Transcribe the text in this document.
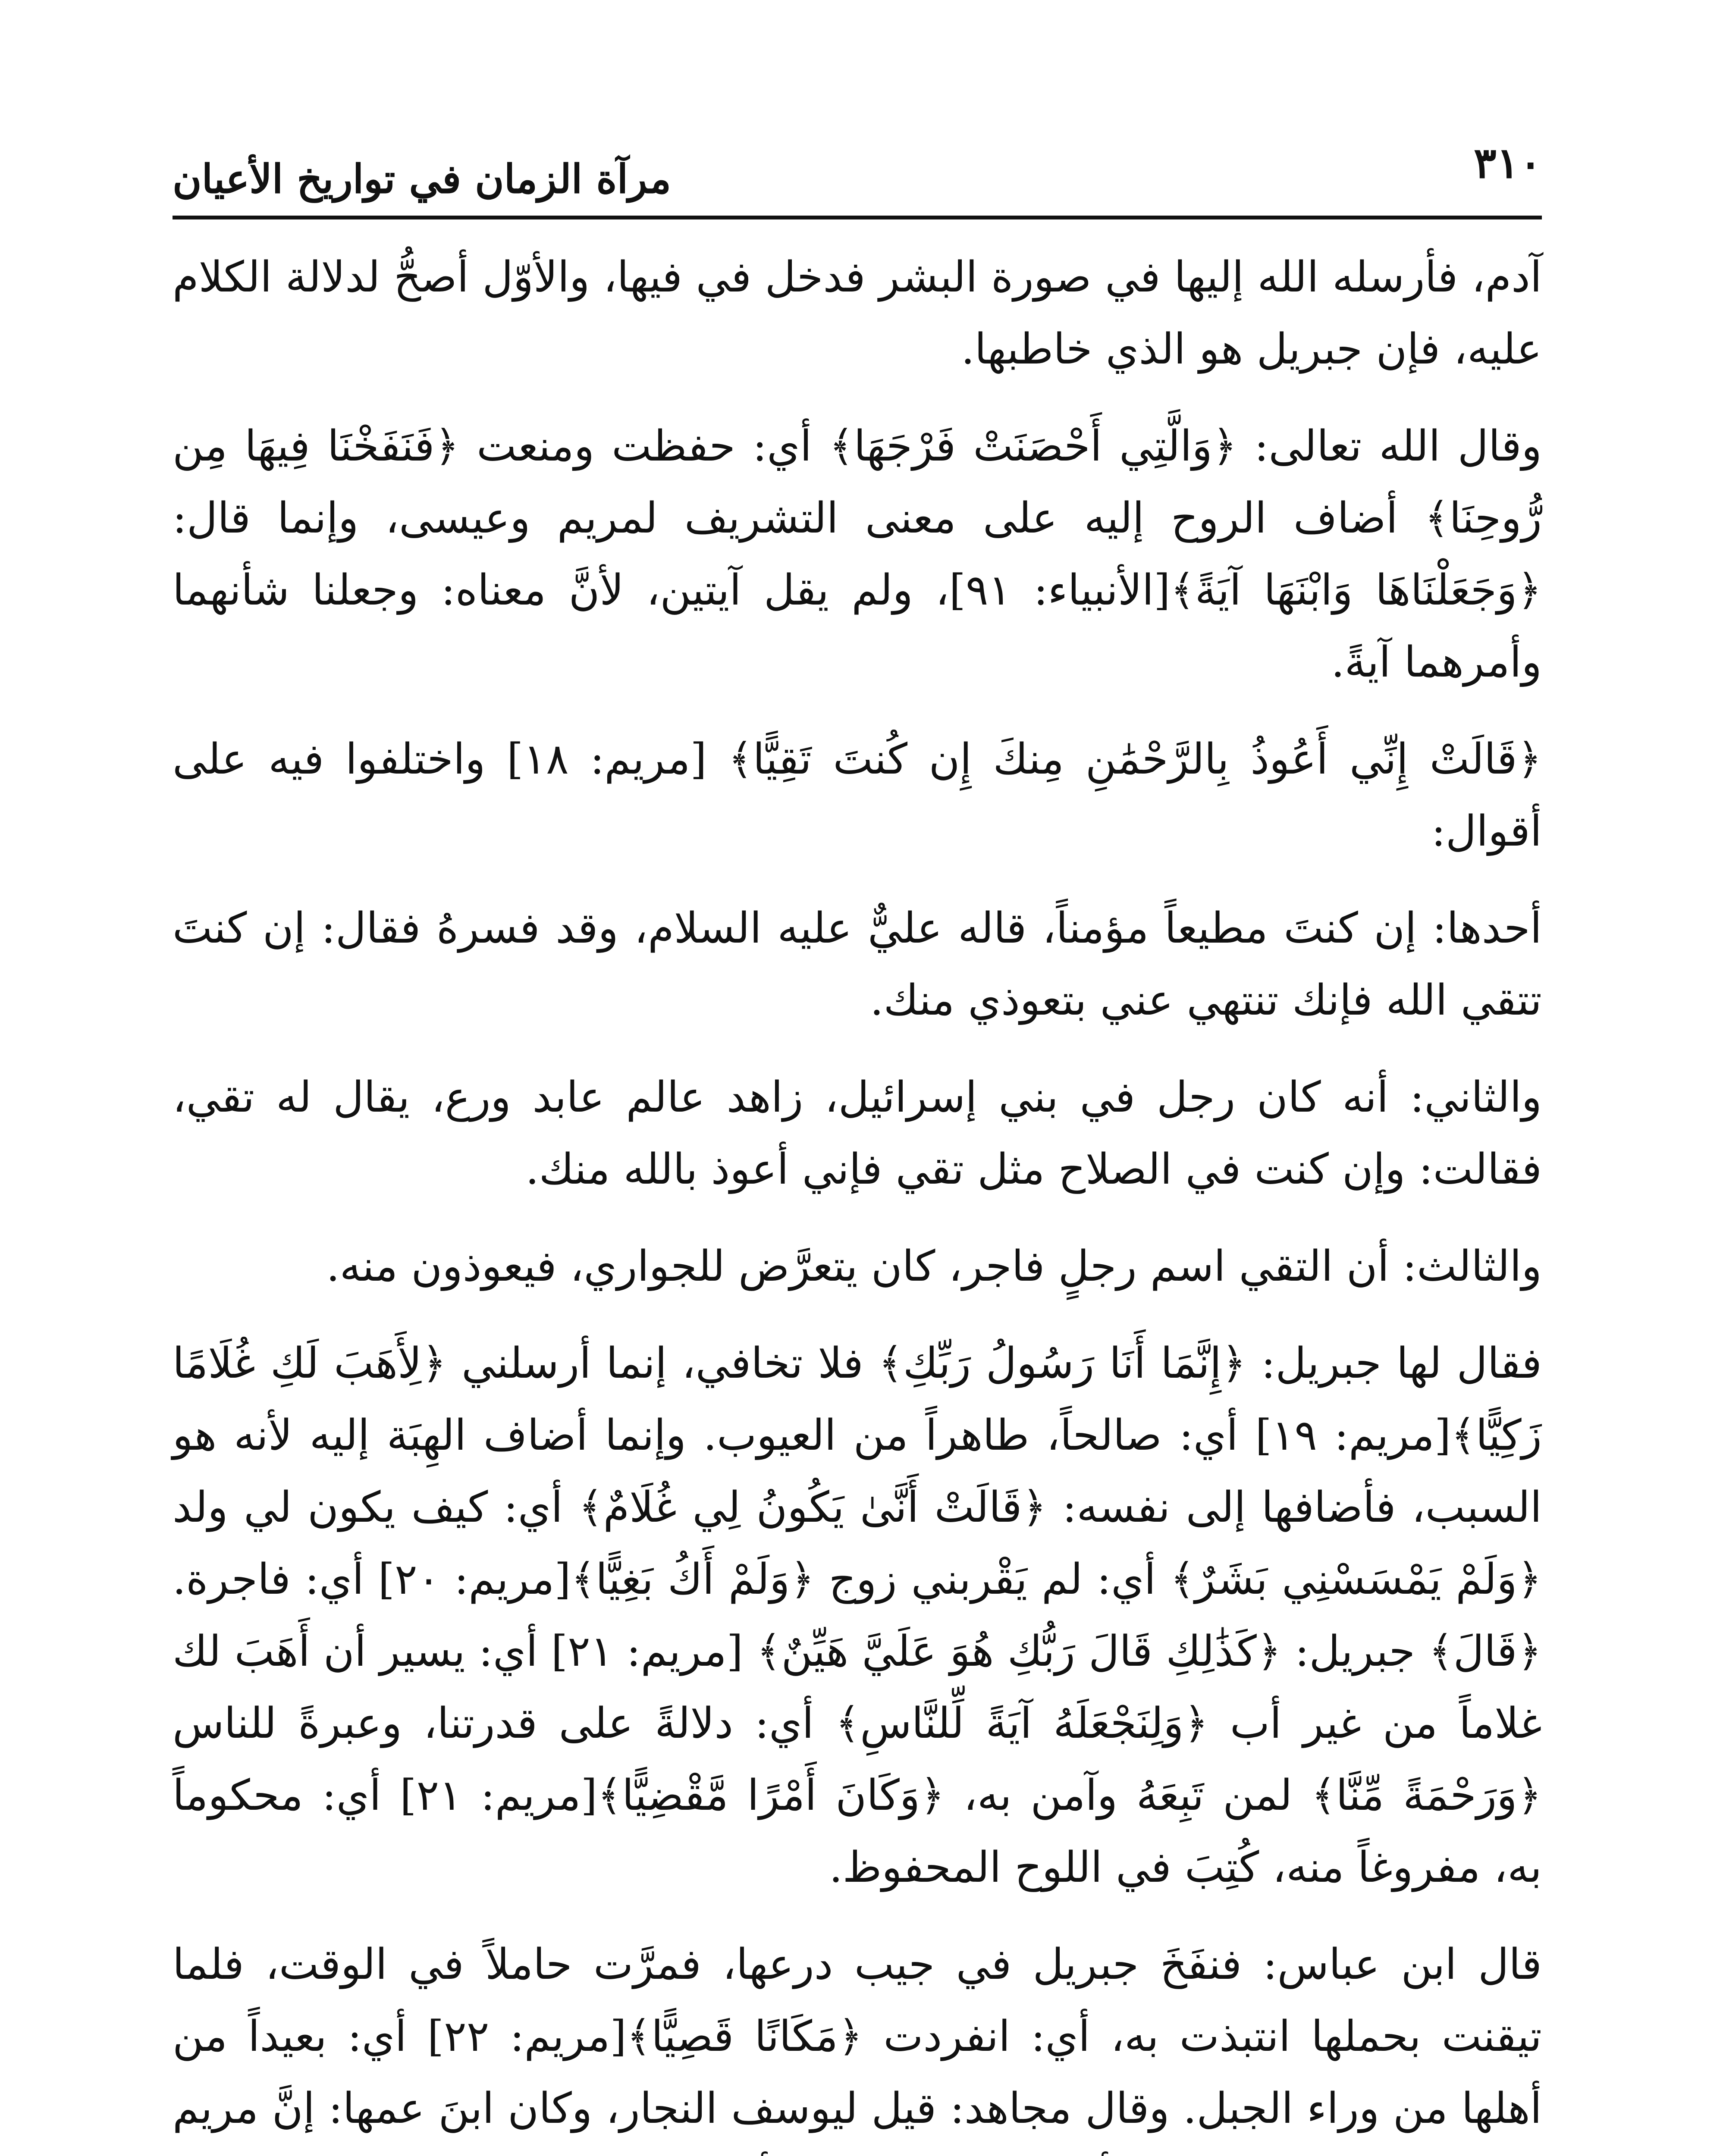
٣١٠
مرآة الزمان في تواريخ الأعيان

آدم، فأرسله الله إليها في صورة البشر فدخل في فيها، والأوّل أصحُّ لدلالة الكلام عليه، فإن جبريل هو الذي خاطبها.

وقال الله تعالى: ﴿وَالَّتِي أَحْصَنَتْ فَرْجَهَا﴾ أي: حفظت ومنعت ﴿فَنَفَخْنَا فِيهَا مِن رُّوحِنَا﴾ أضاف الروح إليه على معنى التشريف لمريم وعيسى، وإنما قال: ﴿وَجَعَلْنَاهَا وَابْنَهَا آيَةً﴾[الأنبياء: ٩١]، ولم يقل آيتين، لأنَّ معناه: وجعلنا شأنهما وأمرهما آيةً.

﴿قَالَتْ إِنِّي أَعُوذُ بِالرَّحْمَٰنِ مِنكَ إِن كُنتَ تَقِيًّا﴾ [مريم: ١٨] واختلفوا فيه على أقوال:

أحدها: إن كنتَ مطيعاً مؤمناً، قاله عليٌّ عليه السلام، وقد فسرهُ فقال: إن كنتَ تتقي الله فإنك تنتهي عني بتعوذي منك.

والثاني: أنه كان رجل في بني إسرائيل، زاهد عالم عابد ورع، يقال له تقي، فقالت: وإن كنت في الصلاح مثل تقي فإني أعوذ بالله منك.

والثالث: أن التقي اسم رجلٍ فاجر، كان يتعرَّض للجواري، فيعوذون منه.

فقال لها جبريل: ﴿إِنَّمَا أَنَا رَسُولُ رَبِّكِ﴾ فلا تخافي، إنما أرسلني ﴿لِأَهَبَ لَكِ غُلَامًا زَكِيًّا﴾[مريم: ١٩] أي: صالحاً، طاهراً من العيوب. وإنما أضاف الهِبَة إليه لأنه هو السبب، فأضافها إلى نفسه: ﴿قَالَتْ أَنَّىٰ يَكُونُ لِي غُلَامٌ﴾ أي: كيف يكون لي ولد ﴿وَلَمْ يَمْسَسْنِي بَشَرٌ﴾ أي: لم يَقْربني زوج ﴿وَلَمْ أَكُ بَغِيًّا﴾[مريم: ٢٠] أي: فاجرة. ﴿قَالَ﴾ جبريل: ﴿كَذَٰلِكِ قَالَ رَبُّكِ هُوَ عَلَيَّ هَيِّنٌ﴾ [مريم: ٢١] أي: يسير أن أَهَبَ لك غلاماً من غير أب ﴿وَلِنَجْعَلَهُ آيَةً لِّلنَّاسِ﴾ أي: دلالةً على قدرتنا، وعبرةً للناس ﴿وَرَحْمَةً مِّنَّا﴾ لمن تَبِعَهُ وآمن به، ﴿وَكَانَ أَمْرًا مَّقْضِيًّا﴾[مريم: ٢١] أي: محكوماً به، مفروغاً منه، كُتِبَ في اللوح المحفوظ.

قال ابن عباس: فنفَخَ جبريل في جيب درعها، فمرَّت حاملاً في الوقت، فلما تيقنت بحملها انتبذت به، أي: انفردت ﴿مَكَانًا قَصِيًّا﴾[مريم: ٢٢] أي: بعيداً من أهلها من وراء الجبل. وقال مجاهد: قيل ليوسف النجار، وكان ابنَ عمها: إنَّ مريم
